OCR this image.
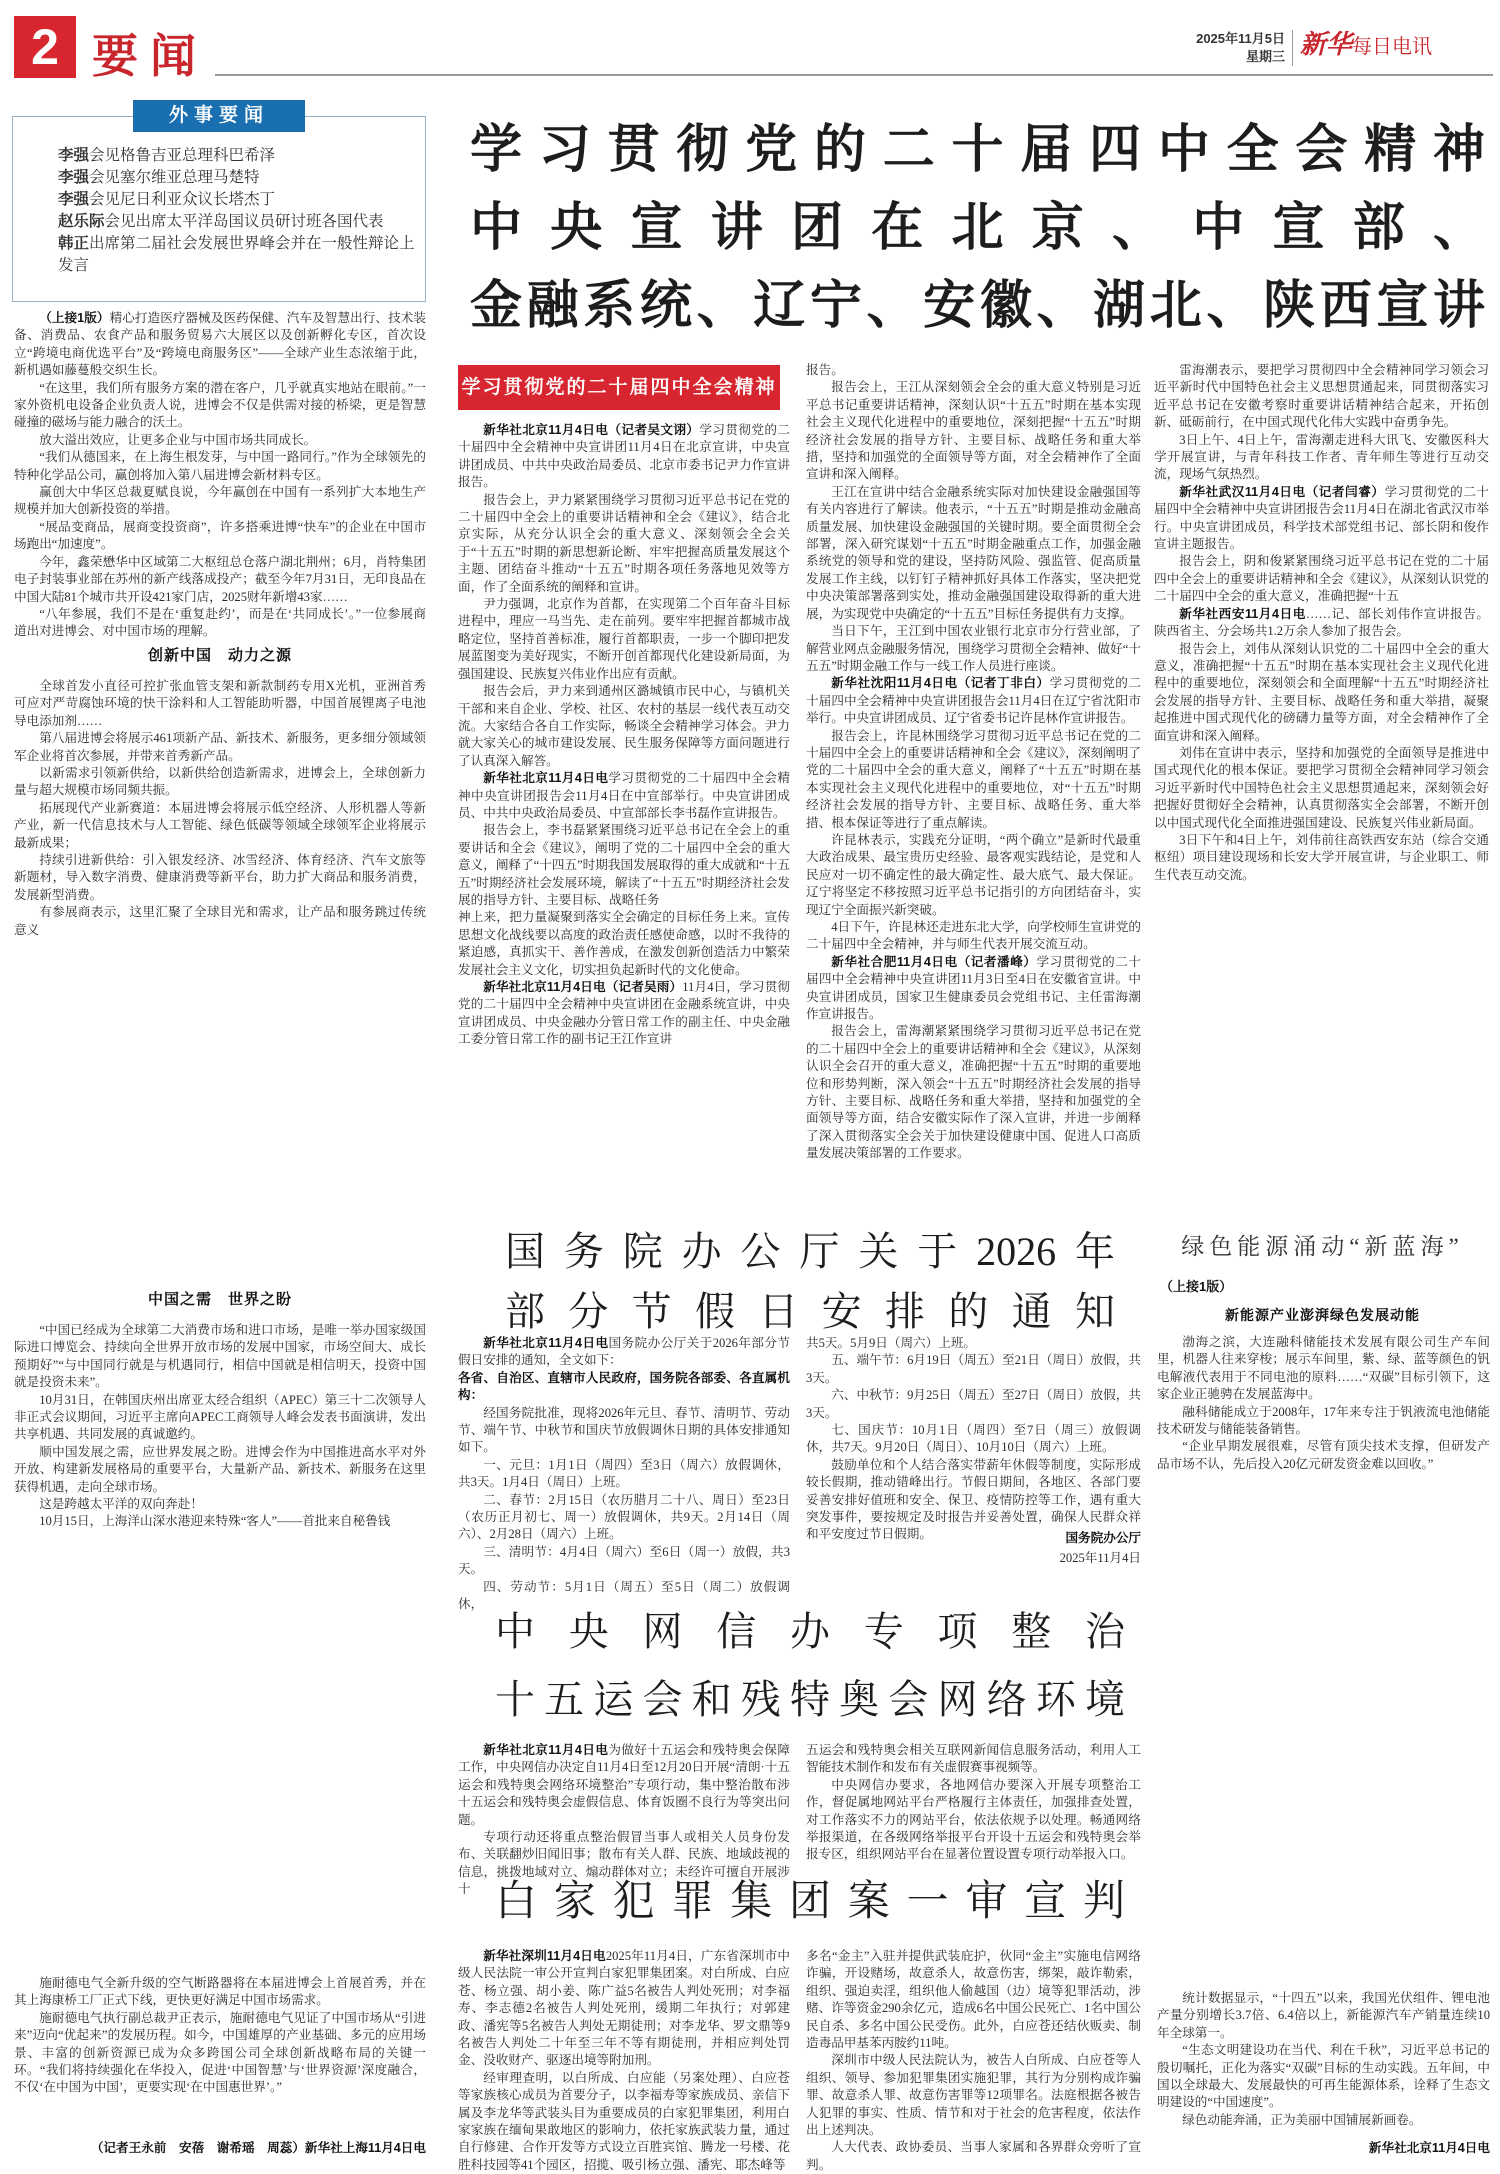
2 要闻	2025年11月5日
星期三 新华每日电讯
外事要闻
李强会见格鲁吉亚总理科巴希泽
李强会见塞尔维亚总理马楚特
李强会见尼日利亚众议长塔杰丁
赵乐际会见出席太平洋岛国议员研讨班各国代表
韩正出席第二届社会发展世界峰会并在一般性辩论上发言

（上接1版）精心打造医疗器械及医药保健、汽车及智慧出行、技术装备、消费品、农食产品和服务贸易六大展区以及创新孵化专区，首次设立“跨境电商优选平台”及“跨境电商服务区”——全球产业生态浓缩于此，新机遇如藤蔓般交织生长。

“在这里，我们所有服务方案的潜在客户，几乎就真实地站在眼前。”一家外资机电设备企业负责人说，进博会不仅是供需对接的桥梁，更是智慧碰撞的磁场与能力融合的沃土。

放大溢出效应，让更多企业与中国市场共同成长。

“我们从德国来，在上海生根发芽，与中国一路同行。”作为全球领先的特种化学品公司，赢创将加入第八届进博会新材料专区。

赢创大中华区总裁夏赋良说，今年赢创在中国有一系列扩大本地生产规模并加大创新投资的举措。

“展品变商品，展商变投资商”，许多搭乘进博“快车”的企业在中国市场跑出“加速度”。

今年，鑫荣懋华中区域第二大枢纽总仓落户湖北荆州；6月，肖特集团电子封装事业部在苏州的新产线落成投产；截至今年7月31日，无印良品在中国大陆81个城市共开设421家门店，2025财年新增43家……

“八年参展，我们不是在‘重复赴约’，而是在‘共同成长’。”一位参展商道出对进博会、对中国市场的理解。

创新中国　动力之源

全球首发小直径可控扩张血管支架和新款制药专用X光机，亚洲首秀可应对严苛腐蚀环境的快干涂料和人工智能助听器，中国首展锂离子电池导电添加剂……

第八届进博会将展示461项新产品、新技术、新服务，更多细分领域领军企业将首次参展，并带来首秀新产品。

以新需求引领新供给，以新供给创造新需求，进博会上，全球创新力量与超大规模市场同频共振。

拓展现代产业新赛道：本届进博会将展示低空经济、人形机器人等新产业，新一代信息技术与人工智能、绿色低碳等领域全球领军企业将展示最新成果；

持续引进新供给：引入银发经济、冰雪经济、体育经济、汽车文旅等新题材，导入数字消费、健康消费等新平台，助力扩大商品和服务消费，发展新型消费。

有参展商表示，这里汇聚了全球目光和需求，让产品和服务跳过传统意义

中国之需　世界之盼

“中国已经成为全球第二大消费市场和进口市场，是唯一举办国家级国际进口博览会、持续向全世界开放市场的发展中国家，市场空间大、成长预期好”“与中国同行就是与机遇同行，相信中国就是相信明天，投资中国就是投资未来”。

10月31日，在韩国庆州出席亚太经合组织（APEC）第三十二次领导人非正式会议期间，习近平主席向APEC工商领导人峰会发表书面演讲，发出共享机遇、共同发展的真诚邀约。

顺中国发展之需，应世界发展之盼。进博会作为中国推进高水平对外开放、构建新发展格局的重要平台，大量新产品、新技术、新服务在这里获得机遇，走向全球市场。

这是跨越太平洋的双向奔赴！

10月15日，上海洋山深水港迎来特殊“客人”——首批来自秘鲁钱

施耐德电气全新升级的空气断路器将在本届进博会上首展首秀，并在其上海康桥工厂正式下线，更快更好满足中国市场需求。

施耐德电气执行副总裁尹正表示，施耐德电气见证了中国市场从“引进来”迈向“优起来”的发展历程。如今，中国雄厚的产业基础、多元的应用场景、丰富的创新资源已成为众多跨国公司全球创新战略布局的关键一环。“我们将持续强化在华投入，促进‘中国智慧’与‘世界资源’深度融合，不仅‘在中国为中国’，更要实现‘在中国惠世界’。”

（记者王永前　安蓓　谢希瑶　周蕊）新华社上海11月4日电
学习贯彻党的二十届四中全会精神
中央宣讲团在北京、中宣部、
金融系统、辽宁、安徽、湖北、陕西宣讲
学习贯彻党的二十届四中全会精神

新华社北京11月4日电（记者吴文诩）学习贯彻党的二十届四中全会精神中央宣讲团11月4日在北京宣讲，中央宣讲团成员、中共中央政治局委员、北京市委书记尹力作宣讲报告。

报告会上，尹力紧紧围绕学习贯彻习近平总书记在党的二十届四中全会上的重要讲话精神和全会《建议》，结合北京实际，从充分认识全会的重大意义、深刻领会全会关于“十五五”时期的新思想新论断、牢牢把握高质量发展这个主题、团结奋斗推动“十五五”时期各项任务落地见效等方面，作了全面系统的阐释和宣讲。

尹力强调，北京作为首都，在实现第二个百年奋斗目标进程中，理应一马当先、走在前列。要牢牢把握首都城市战略定位，坚持首善标准，履行首都职责，一步一个脚印把发展蓝图变为美好现实，不断开创首都现代化建设新局面，为强国建设、民族复兴伟业作出应有贡献。

报告会后，尹力来到通州区潞城镇市民中心，与镇机关干部和来自企业、学校、社区、农村的基层一线代表互动交流。大家结合各自工作实际，畅谈全会精神学习体会。尹力就大家关心的城市建设发展、民生服务保障等方面问题进行了认真深入解答。

新华社北京11月4日电学习贯彻党的二十届四中全会精神中央宣讲团报告会11月4日在中宣部举行。中央宣讲团成员、中共中央政治局委员、中宣部部长李书磊作宣讲报告。

报告会上，李书磊紧紧围绕习近平总书记在全会上的重要讲话和全会《建议》，阐明了党的二十届四中全会的重大意义，阐释了“十四五”时期我国发展取得的重大成就和“十五五”时期经济社会发展环境，解读了“十五五”时期经济社会发展的指导方针、主要目标、战略任务

神上来，把力量凝聚到落实全会确定的目标任务上来。宣传思想文化战线要以高度的政治责任感使命感，以时不我待的紧迫感，真抓实干、善作善成，在激发创新创造活力中繁荣发展社会主义文化，切实担负起新时代的文化使命。

新华社北京11月4日电（记者吴雨）11月4日，学习贯彻党的二十届四中全会精神中央宣讲团在金融系统宣讲，中央宣讲团成员、中央金融办分管日常工作的副主任、中央金融工委分管日常工作的副书记王江作宣讲

报告。

报告会上，王江从深刻领会全会的重大意义特别是习近平总书记重要讲话精神，深刻认识“十五五”时期在基本实现社会主义现代化进程中的重要地位，深刻把握“十五五”时期经济社会发展的指导方针、主要目标、战略任务和重大举措，坚持和加强党的全面领导等方面，对全会精神作了全面宣讲和深入阐释。

王江在宣讲中结合金融系统实际对加快建设金融强国等有关内容进行了解读。他表示，“十五五”时期是推动金融高质量发展、加快建设金融强国的关键时期。要全面贯彻全会部署，深入研究谋划“十五五”时期金融重点工作，加强金融系统党的领导和党的建设，坚持防风险、强监管、促高质量发展工作主线，以钉钉子精神抓好具体工作落实，坚决把党中央决策部署落到实处，推动金融强国建设取得新的重大进展，为实现党中央确定的“十五五”目标任务提供有力支撑。

当日下午，王江到中国农业银行北京市分行营业部，了解营业网点金融服务情况，围绕学习贯彻全会精神、做好“十五五”时期金融工作与一线工作人员进行座谈。

新华社沈阳11月4日电（记者丁非白）学习贯彻党的二十届四中全会精神中央宣讲团报告会11月4日在辽宁省沈阳市举行。中央宣讲团成员、辽宁省委书记许昆林作宣讲报告。

报告会上，许昆林围绕学习贯彻习近平总书记在党的二十届四中全会上的重要讲话精神和全会《建议》，深刻阐明了党的二十届四中全会的重大意义，阐释了“十五五”时期在基本实现社会主义现代化进程中的重要地位，对“十五五”时期经济社会发展的指导方针、主要目标、战略任务、重大举措、根本保证等进行了重点解读。

许昆林表示，实践充分证明，“两个确立”是新时代最重大政治成果、最宝贵历史经验、最客观实践结论，是党和人民应对一切不确定性的最大确定性、最大底气、最大保证。辽宁将坚定不移按照习近平总书记指引的方向团结奋斗，实现辽宁全面振兴新突破。

4日下午，许昆林还走进东北大学，向学校师生宣讲党的二十届四中全会精神，并与师生代表开展交流互动。

新华社合肥11月4日电（记者潘峰）学习贯彻党的二十届四中全会精神中央宣讲团11月3日至4日在安徽省宣讲。中央宣讲团成员，国家卫生健康委员会党组书记、主任雷海潮作宣讲报告。

报告会上，雷海潮紧紧围绕学习贯彻习近平总书记在党的二十届四中全会上的重要讲话精神和全会《建议》，从深刻认识全会召开的重大意义，准确把握“十五五”时期的重要地位和形势判断，深入领会“十五五”时期经济社会发展的指导方针、主要目标、战略任务和重大举措，坚持和加强党的全面领导等方面，结合安徽实际作了深入宣讲，并进一步阐释了深入贯彻落实全会关于加快建设健康中国、促进人口高质量发展决策部署的工作要求。

雷海潮表示，要把学习贯彻四中全会精神同学习领会习近平新时代中国特色社会主义思想贯通起来，同贯彻落实习近平总书记在安徽考察时重要讲话精神结合起来，开拓创新、砥砺前行，在中国式现代化伟大实践中奋勇争先。

3日上午、4日上午，雷海潮走进科大讯飞、安徽医科大学开展宣讲，与青年科技工作者、青年师生等进行互动交流，现场气氛热烈。

新华社武汉11月4日电（记者闫睿）学习贯彻党的二十届四中全会精神中央宣讲团报告会11月4日在湖北省武汉市举行。中央宣讲团成员，科学技术部党组书记、部长阴和俊作宣讲主题报告。

报告会上，阴和俊紧紧围绕习近平总书记在党的二十届四中全会上的重要讲话精神和全会《建议》，从深刻认识党的二十届四中全会的重大意义，准确把握“十五

新华社西安11月4日电……记、部长刘伟作宣讲报告。陕西省主、分会场共1.2万余人参加了报告会。

报告会上，刘伟从深刻认识党的二十届四中全会的重大意义，准确把握“十五五”时期在基本实现社会主义现代化进程中的重要地位，深刻领会和全面理解“十五五”时期经济社会发展的指导方针、主要目标、战略任务和重大举措，凝聚起推进中国式现代化的磅礴力量等方面，对全会精神作了全面宣讲和深入阐释。

刘伟在宣讲中表示，坚持和加强党的全面领导是推进中国式现代化的根本保证。要把学习贯彻全会精神同学习领会习近平新时代中国特色社会主义思想贯通起来，深刻领会好把握好贯彻好全会精神，认真贯彻落实全会部署，不断开创以中国式现代化全面推进强国建设、民族复兴伟业新局面。

3日下午和4日上午，刘伟前往高铁西安东站（综合交通枢纽）项目建设现场和长安大学开展宣讲，与企业职工、师生代表互动交流。

国务院办公厅关于2026年
部分节假日安排的通知

新华社北京11月4日电国务院办公厅关于2026年部分节假日安排的通知，全文如下：

各省、自治区、直辖市人民政府，国务院各部委、各直属机构：

经国务院批准，现将2026年元旦、春节、清明节、劳动节、端午节、中秋节和国庆节放假调休日期的具体安排通知如下。

一、元旦：1月1日（周四）至3日（周六）放假调休，共3天。1月4日（周日）上班。

二、春节：2月15日（农历腊月二十八、周日）至23日（农历正月初七、周一）放假调休，共9天。2月14日（周六）、2月28日（周六）上班。

三、清明节：4月4日（周六）至6日（周一）放假，共3天。

四、劳动节：5月1日（周五）至5日（周二）放假调休，

共5天。5月9日（周六）上班。

五、端午节：6月19日（周五）至21日（周日）放假，共3天。

六、中秋节：9月25日（周五）至27日（周日）放假，共3天。

七、国庆节：10月1日（周四）至7日（周三）放假调休，共7天。9月20日（周日）、10月10日（周六）上班。

鼓励单位和个人结合落实带薪年休假等制度，实际形成较长假期，推动错峰出行。节假日期间，各地区、各部门要妥善安排好值班和安全、保卫、疫情防控等工作，遇有重大突发事件，要按规定及时报告并妥善处置，确保人民群众祥和平安度过节日假期。	国务院办公厅
2025年11月4日
中央网信办专项整治
十五运会和残特奥会网络环境

新华社北京11月4日电为做好十五运会和残特奥会保障工作，中央网信办决定自11月4日至12月20日开展“清朗·十五运会和残特奥会网络环境整治”专项行动，集中整治散布涉十五运会和残特奥会虚假信息、体育饭圈不良行为等突出问题。

专项行动还将重点整治假冒当事人或相关人员身份发布、关联翻炒旧闻旧事；散布有关人群、民族、地域歧视的信息，挑拨地域对立、煽动群体对立；未经许可擅自开展涉十

五运会和残特奥会相关互联网新闻信息服务活动，利用人工智能技术制作和发布有关虚假赛事视频等。

中央网信办要求，各地网信办要深入开展专项整治工作，督促属地网站平台严格履行主体责任，加强排查处置，对工作落实不力的网站平台，依法依规予以处理。畅通网络举报渠道，在各级网络举报平台开设十五运会和残特奥会举报专区，组织网站平台在显著位置设置专项行动举报入口。

白家犯罪集团案一审宣判

新华社深圳11月4日电2025年11月4日，广东省深圳市中级人民法院一审公开宣判白家犯罪集团案。对白所成、白应苍、杨立强、胡小姜、陈广益5名被告人判处死刑；对李福寿、李志德2名被告人判处死刑，缓期二年执行；对郭建政、潘宪等5名被告人判处无期徒刑；对李龙华、罗文鼎等9名被告人判处二十年至三年不等有期徒刑，并相应判处罚金、没收财产、驱逐出境等附加刑。

经审理查明，以白所成、白应能（另案处理）、白应苍等家族核心成员为首要分子，以李福寿等家族成员、亲信下属及李龙华等武装头目为重要成员的白家犯罪集团，利用白家家族在缅甸果敢地区的影响力，依托家族武装力量，通过自行修建、合作开发等方式设立百胜宾馆、腾龙一号楼、花胜科技园等41个园区，招揽、吸引杨立强、潘宪、耶杰峰等

多名“金主”入驻并提供武装庇护，伙同“金主”实施电信网络诈骗，开设赌场，故意杀人，故意伤害，绑架，敲诈勒索，组织、强迫卖淫，组织他人偷越国（边）境等犯罪活动，涉赌、诈等资金290余亿元，造成6名中国公民死亡、1名中国公民自杀、多名中国公民受伤。此外，白应苍还结伙贩卖、制造毒品甲基苯丙胺约11吨。

深圳市中级人民法院认为，被告人白所成、白应苍等人组织、领导、参加犯罪集团实施犯罪，其行为分别构成诈骗罪、故意杀人罪、故意伤害罪等12项罪名。法庭根据各被告人犯罪的事实、性质、情节和对于社会的危害程度，依法作出上述判决。

人大代表、政协委员、当事人家属和各界群众旁听了宣判。

绿色能源涌动“新蓝海”
（上接1版）
新能源产业澎湃绿色发展动能

渤海之滨，大连融科储能技术发展有限公司生产车间里，机器人往来穿梭；展示车间里，紫、绿、蓝等颜色的钒电解液代表用于不同电池的原料……“双碳”目标引领下，这家企业正驰骋在发展蓝海中。

融科储能成立于2008年，17年来专注于钒液流电池储能技术研发与储能装备销售。

“企业早期发展很难，尽管有顶尖技术支撑，但研发产品市场不认，先后投入20亿元研发资金难以回收。”

统计数据显示，“十四五”以来，我国光伏组件、锂电池产量分别增长3.7倍、6.4倍以上，新能源汽车产销量连续10年全球第一。

“生态文明建设功在当代、利在千秋”，习近平总书记的殷切嘱托，正化为落实“双碳”目标的生动实践。五年间，中国以全球最大、发展最快的可再生能源体系，诠释了生态文明建设的“中国速度”。

绿色动能奔涌，正为美丽中国铺展新画卷。

新华社北京11月4日电
